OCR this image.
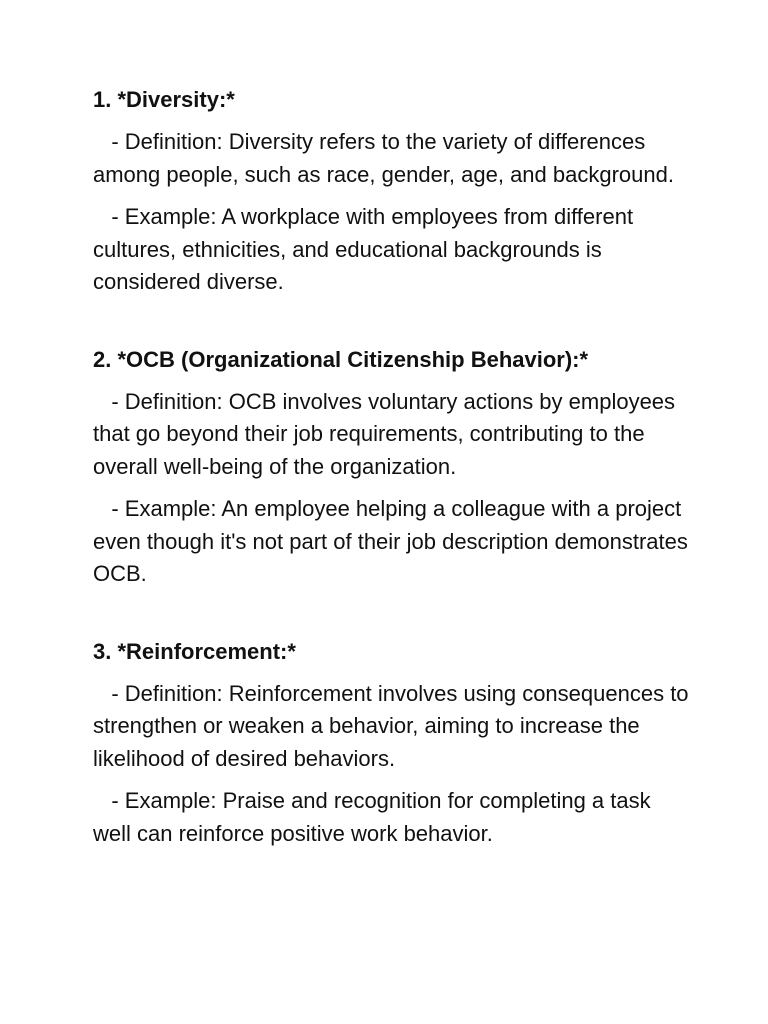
1. *Diversity:*
- Definition: Diversity refers to the variety of differences among people, such as race, gender, age, and background.
- Example: A workplace with employees from different cultures, ethnicities, and educational backgrounds is considered diverse.
2. *OCB (Organizational Citizenship Behavior):*
- Definition: OCB involves voluntary actions by employees that go beyond their job requirements, contributing to the overall well-being of the organization.
- Example: An employee helping a colleague with a project even though it's not part of their job description demonstrates OCB.
3. *Reinforcement:*
- Definition: Reinforcement involves using consequences to strengthen or weaken a behavior, aiming to increase the likelihood of desired behaviors.
- Example: Praise and recognition for completing a task well can reinforce positive work behavior.
